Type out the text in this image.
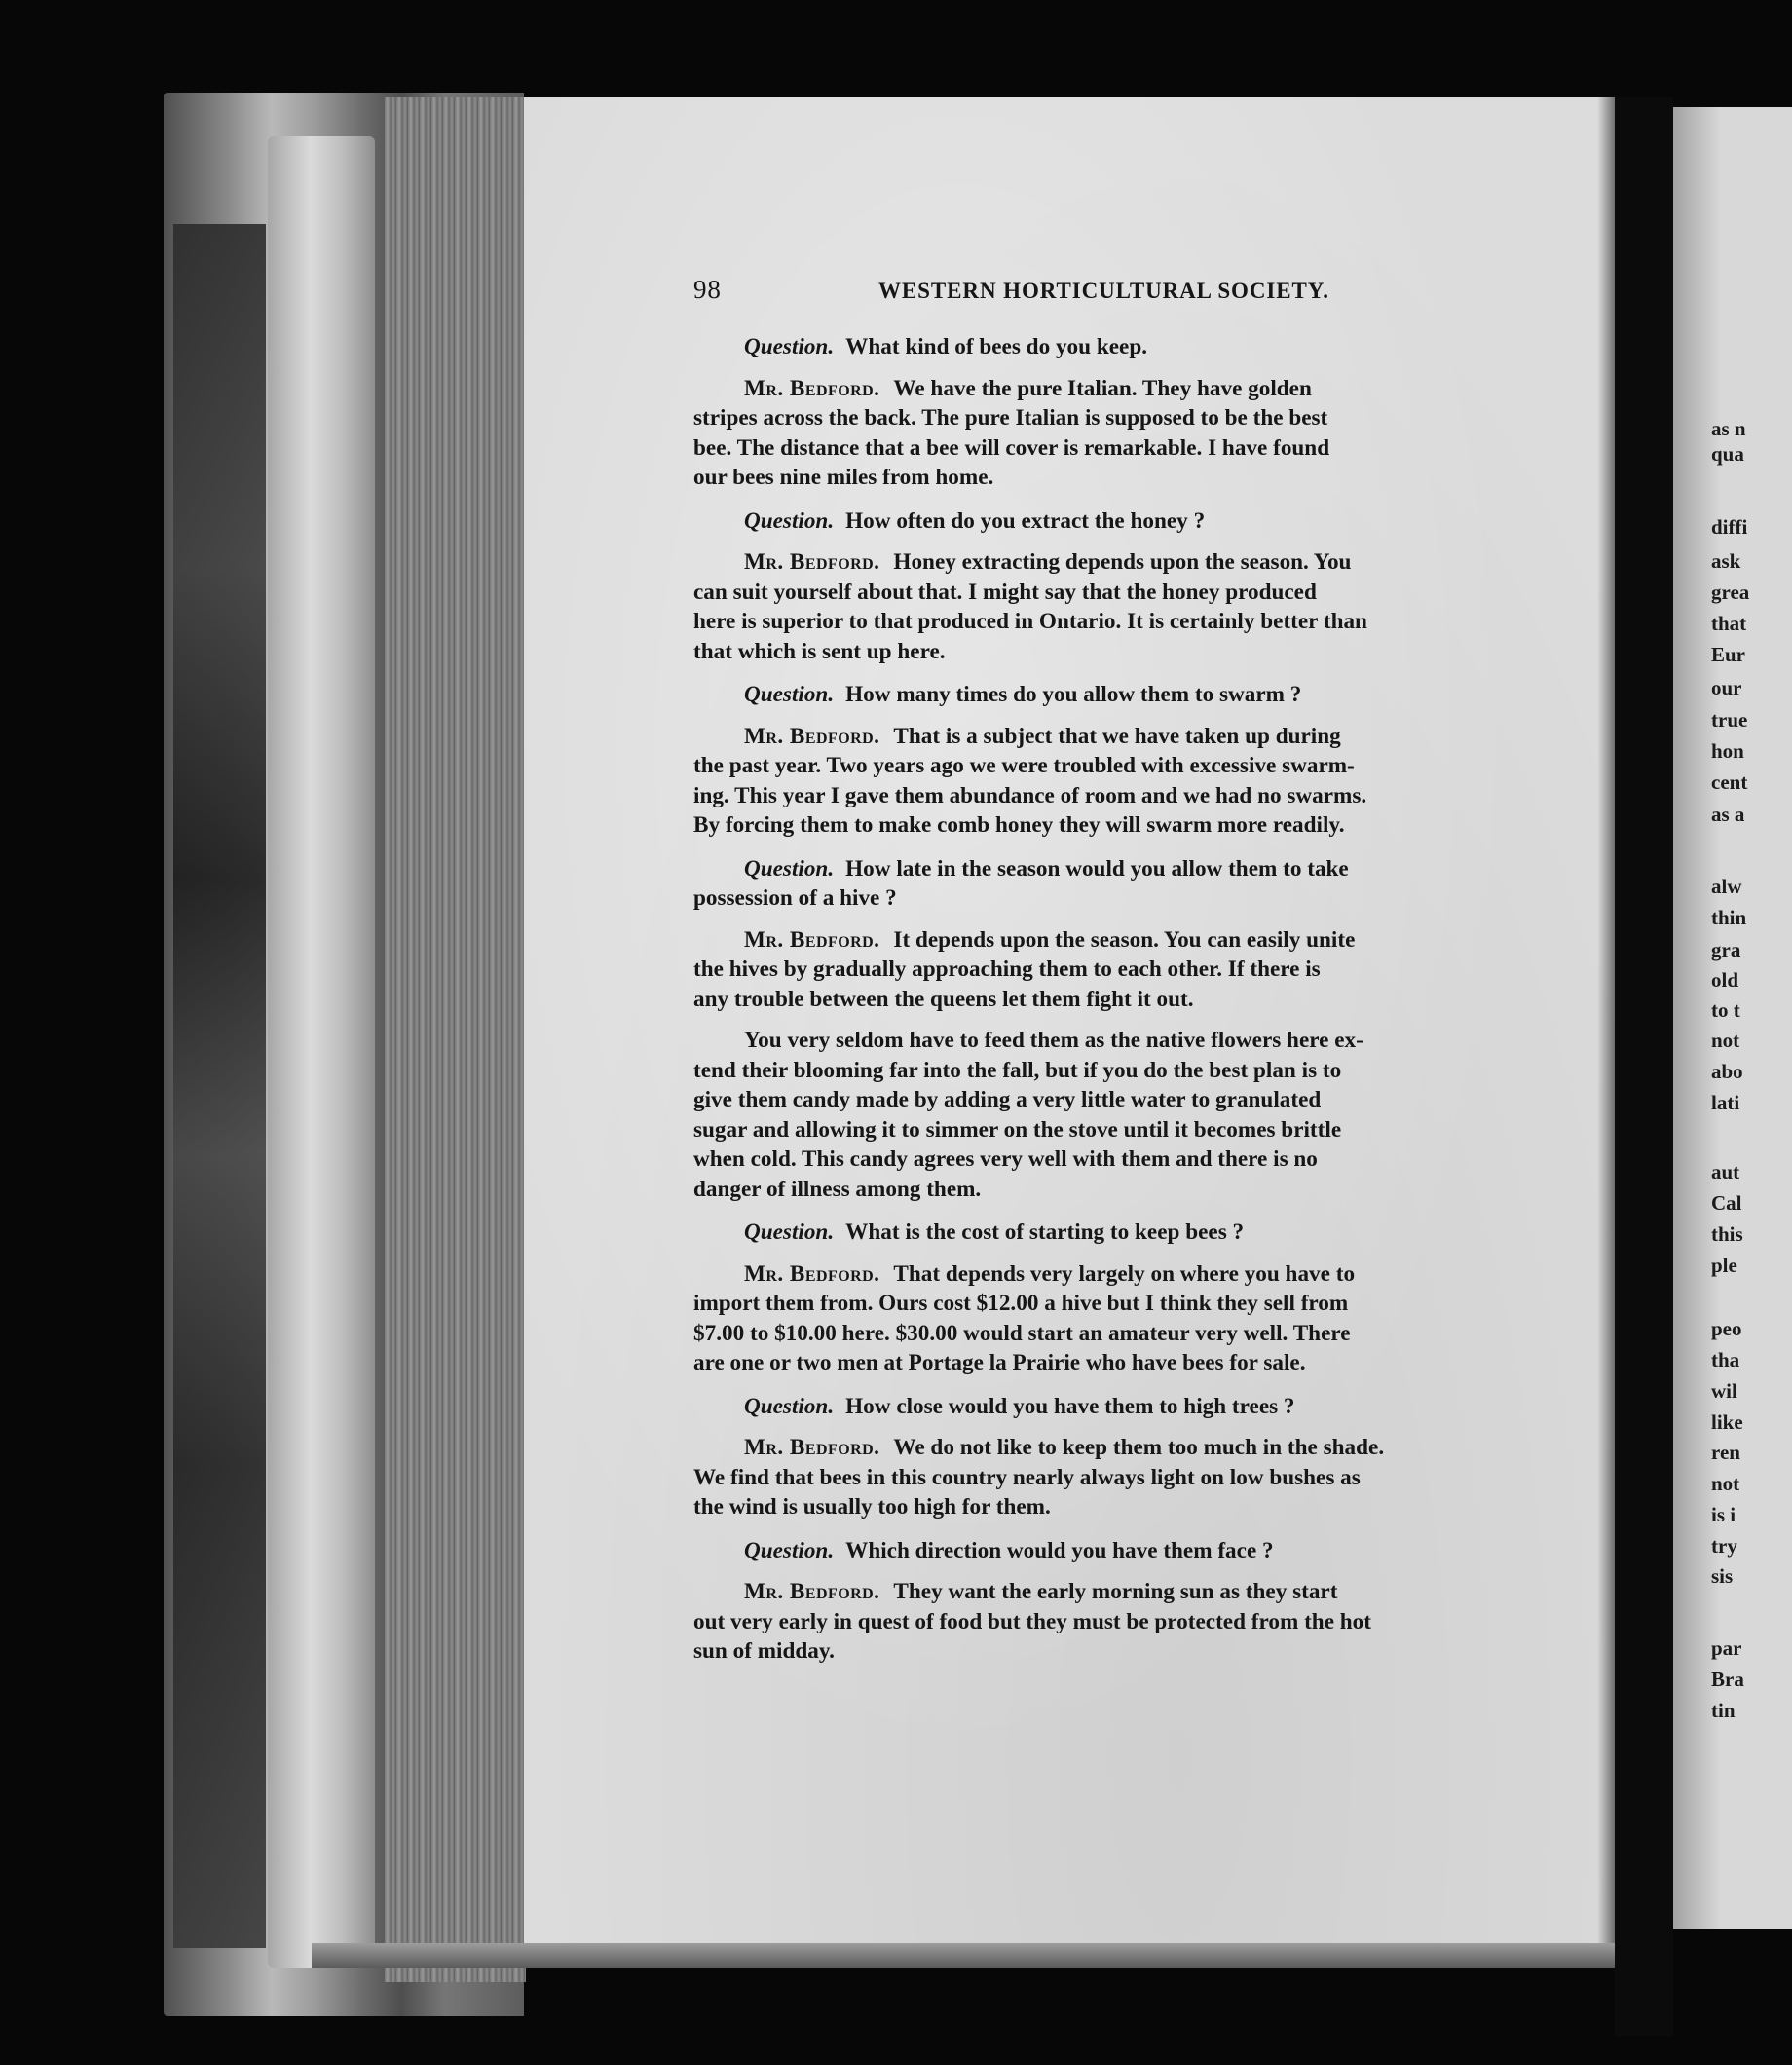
as n
qua
diffi
ask
grea
that
Eur
our
true
hon
cent
as a
alw
thin
gra
old
to t
not
abo
lati
aut
Cal
this
ple
peo
tha
wil
like
ren
not
is i
try
sis
par
Bra
tin
98	WESTERN HORTICULTURAL SOCIETY.
Question. What kind of bees do you keep.
Mr. Bedford. We have the pure Italian. They have golden
stripes across the back. The pure Italian is supposed to be the best
bee. The distance that a bee will cover is remarkable. I have found
our bees nine miles from home.
Question. How often do you extract the honey ?
Mr. Bedford. Honey extracting depends upon the season. You
can suit yourself about that. I might say that the honey produced
here is superior to that produced in Ontario. It is certainly better than
that which is sent up here.
Question. How many times do you allow them to swarm ?
Mr. Bedford. That is a subject that we have taken up during
the past year. Two years ago we were troubled with excessive swarm-
ing. This year I gave them abundance of room and we had no swarms.
By forcing them to make comb honey they will swarm more readily.
Question. How late in the season would you allow them to take
possession of a hive ?
Mr. Bedford. It depends upon the season. You can easily unite
the hives by gradually approaching them to each other. If there is
any trouble between the queens let them fight it out.
You very seldom have to feed them as the native flowers here ex-
tend their blooming far into the fall, but if you do the best plan is to
give them candy made by adding a very little water to granulated
sugar and allowing it to simmer on the stove until it becomes brittle
when cold. This candy agrees very well with them and there is no
danger of illness among them.
Question. What is the cost of starting to keep bees ?
Mr. Bedford. That depends very largely on where you have to
import them from. Ours cost $12.00 a hive but I think they sell from
$7.00 to $10.00 here. $30.00 would start an amateur very well. There
are one or two men at Portage la Prairie who have bees for sale.
Question. How close would you have them to high trees ?
Mr. Bedford. We do not like to keep them too much in the shade.
We find that bees in this country nearly always light on low bushes as
the wind is usually too high for them.
Question. Which direction would you have them face ?
Mr. Bedford. They want the early morning sun as they start
out very early in quest of food but they must be protected from the hot
sun of midday.
